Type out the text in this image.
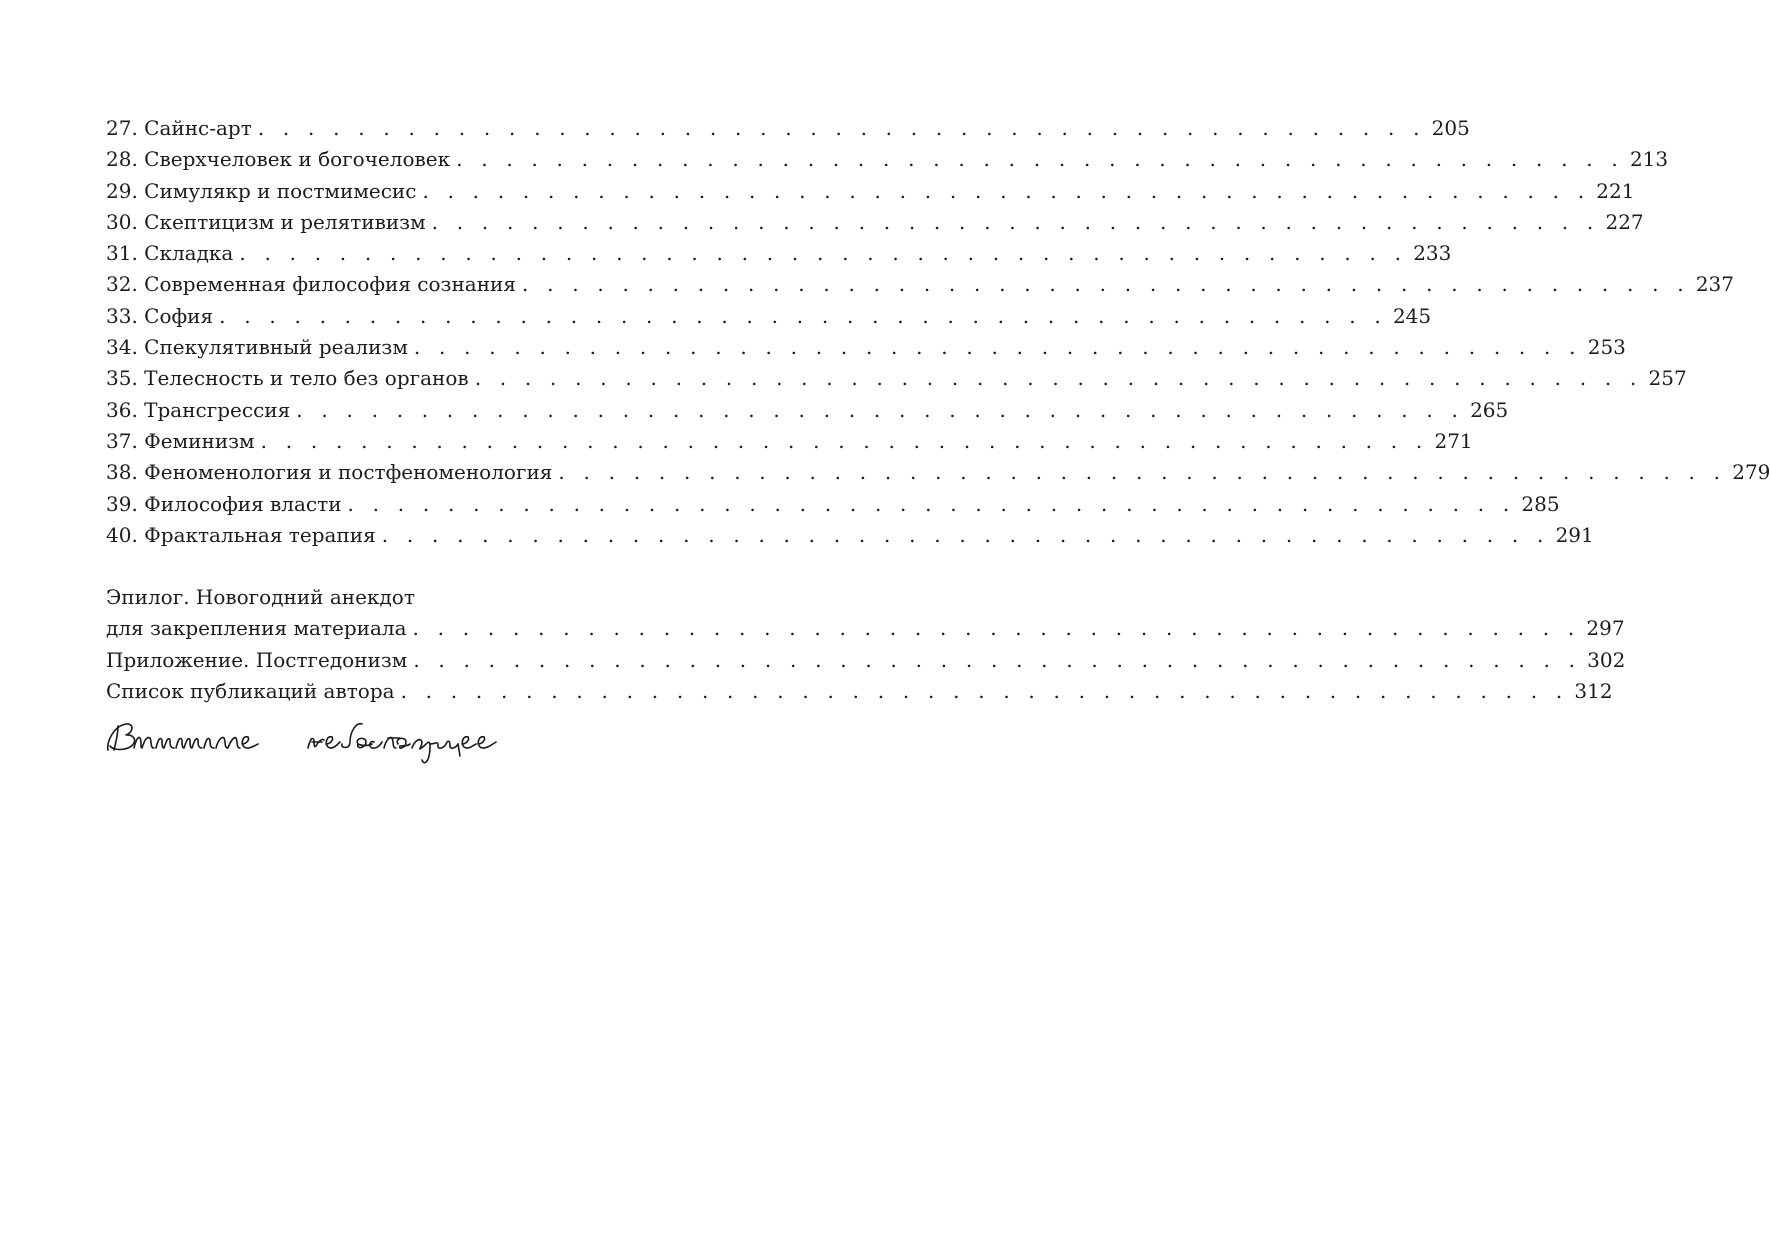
27. Сайнс-арт . . . . . . . . . . . . . . . . . . . . . . . . . . . . . . . . . . . . . . . . . . . . . . . 205
28. Сверхчеловек и богочеловек . . . . . . . . . . . . . . . . . . . . . . . . . . . . . . . . . . . . . . . . . . . . . . . 213
29. Симулякр и постмимесис . . . . . . . . . . . . . . . . . . . . . . . . . . . . . . . . . . . . . . . . . . . . . . . 221
30. Скептицизм и релятивизм . . . . . . . . . . . . . . . . . . . . . . . . . . . . . . . . . . . . . . . . . . . . . . . 227
31. Складка . . . . . . . . . . . . . . . . . . . . . . . . . . . . . . . . . . . . . . . . . . . . . . . 233
32. Современная философия сознания . . . . . . . . . . . . . . . . . . . . . . . . . . . . . . . . . . . . . . . . . . . . . . . 237
33. София . . . . . . . . . . . . . . . . . . . . . . . . . . . . . . . . . . . . . . . . . . . . . . . 245
34. Спекулятивный реализм . . . . . . . . . . . . . . . . . . . . . . . . . . . . . . . . . . . . . . . . . . . . . . . 253
35. Телесность и тело без органов . . . . . . . . . . . . . . . . . . . . . . . . . . . . . . . . . . . . . . . . . . . . . . . 257
36. Трансгрессия . . . . . . . . . . . . . . . . . . . . . . . . . . . . . . . . . . . . . . . . . . . . . . . 265
37. Феминизм . . . . . . . . . . . . . . . . . . . . . . . . . . . . . . . . . . . . . . . . . . . . . . . 271
38. Феноменология и постфеноменология . . . . . . . . . . . . . . . . . . . . . . . . . . . . . . . . . . . . . . . . . . . . . . . 279
39. Философия власти . . . . . . . . . . . . . . . . . . . . . . . . . . . . . . . . . . . . . . . . . . . . . . . 285
40. Фрактальная терапия . . . . . . . . . . . . . . . . . . . . . . . . . . . . . . . . . . . . . . . . . . . . . . . 291
Эпилог. Новогодний анекдот
для закрепления материала . . . . . . . . . . . . . . . . . . . . . . . . . . . . . . . . . . . . . . . . . . . . . . . 297
Приложение. Постгедонизм . . . . . . . . . . . . . . . . . . . . . . . . . . . . . . . . . . . . . . . . . . . . . . . 302
Список публикаций автора . . . . . . . . . . . . . . . . . . . . . . . . . . . . . . . . . . . . . . . . . . . . . . . 312
